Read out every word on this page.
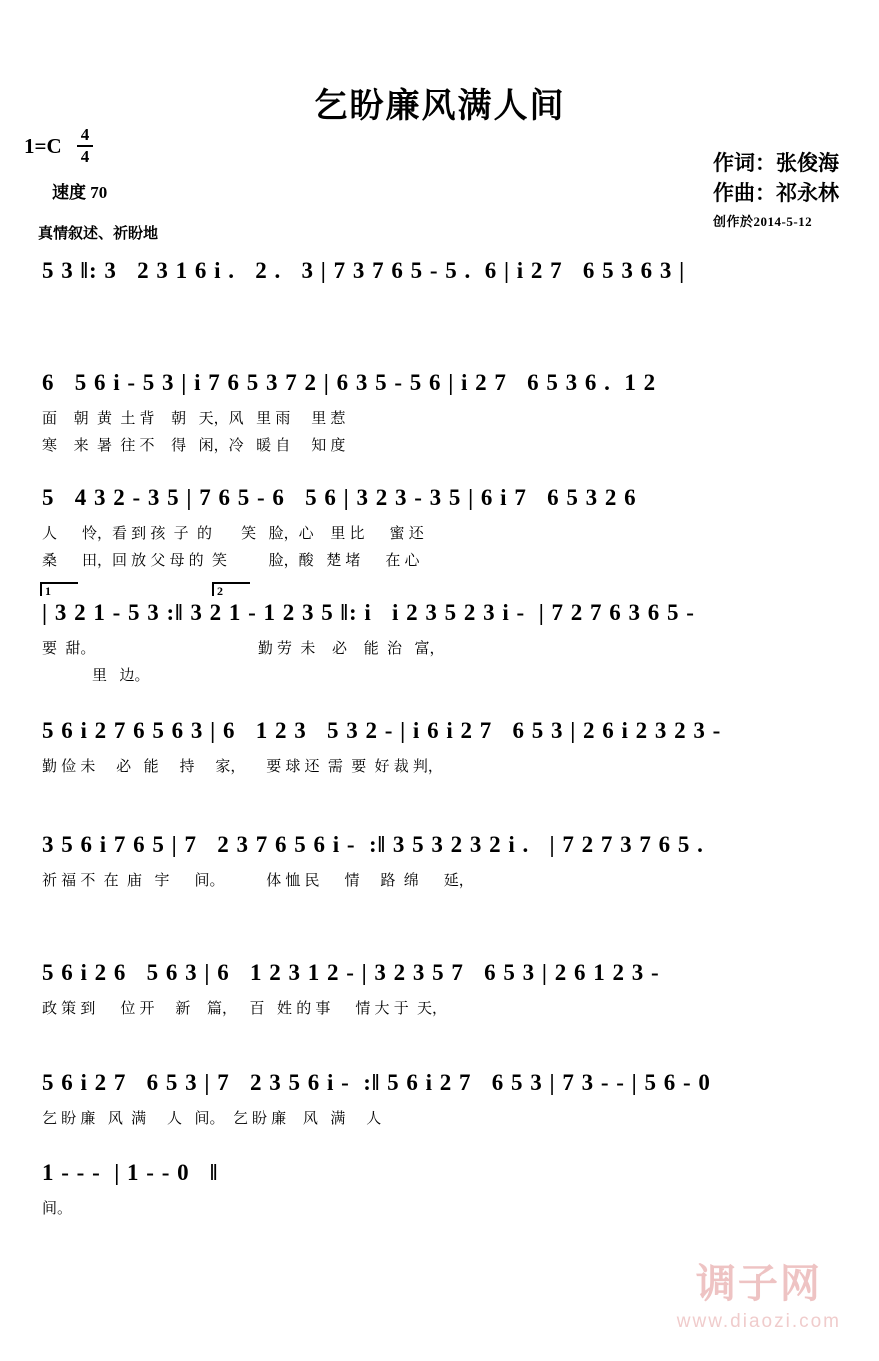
乞盼廉风满人间
1=C	4
4
速度 70
真情叙述、祈盼地
作词：张俊海
作曲：祁永林
创作於2014-5-12
5 3 ‖: 3   2 3 1 6 i .   2 .   3 | 7 3 7 6 5 - 5 .  6 | i 2 7   6 5 3 6 3 |
6   5 6 i - 5 3 | i 7 6 5 3 7 2 | 6 3 5 - 5 6 | i 2 7   6 5 3 6 .  1 2
面    朝  黄  土 背    朝   天，风   里 雨     里 惹
寒    来  暑  往 不    得   闲，冷   暖 自     知 度
5   4 3 2 - 3 5 | 7 6 5 - 6   5 6 | 3 2 3 - 3 5 | 6 i 7   6 5 3 2 6
人      怜，看 到 孩  子  的       笑   脸，心    里 比      蜜 还
桑      田，回 放 父 母 的  笑          脸，酸   楚 堵      在 心
1	2
| 3 2 1 - 5 3 :‖ 3 2 1 - 1 2 3 5 ‖: i   i 2 3 5 2 3 i -  | 7 2 7 6 3 6 5 -
要  甜。                                       勤 劳  未    必    能  治   富，
里   边。
5 6 i 2 7 6 5 6 3 | 6   1 2 3   5 3 2 - | i 6 i 2 7   6 5 3 | 2 6 i 2 3 2 3 -
勤 俭 未     必   能     持     家，     要 球 还  需  要  好 裁 判，
3 5 6 i 7 6 5 | 7   2 3 7 6 5 6 i -  :‖ 3 5 3 2 3 2 i .   | 7 2 7 3 7 6 5 .
祈 福 不  在  庙   宇      间。          体 恤 民      情     路  绵      延，
5 6 i 2 6   5 6 3 | 6   1 2 3 1 2 - | 3 2 3 5 7   6 5 3 | 2 6 1 2 3 -
政 策 到      位 开     新    篇，   百   姓 的 事      情 大 于  天，
5 6 i 2 7   6 5 3 | 7   2 3 5 6 i -  :‖ 5 6 i 2 7   6 5 3 | 7 3 - - | 5 6 - 0
乞 盼 廉   风  满     人   间。  乞 盼 廉    风   满     人
1 - - -  | 1 - - 0   ‖
间。
调子网
www.diaozi.com
